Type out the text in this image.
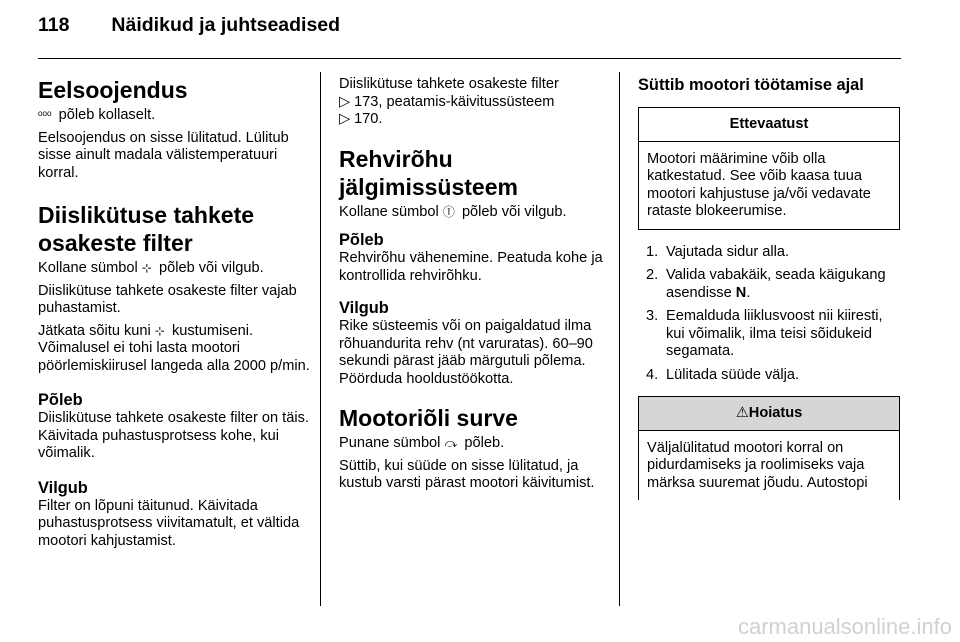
118 Näidikud ja juhtseadised
Eelsoojendus

ᵒᵒᵒ põleb kollaselt.

Eelsoojendus on sisse lülitatud. Lülitub sisse ainult madala välistemperatuuri korral.

Diislikütuse tahkete osakeste filter

Kollane sümbol ⊹ põleb või vilgub.

Diislikütuse tahkete osakeste filter vajab puhastamist.

Jätkata sõitu kuni ⊹ kustumiseni. Võimalusel ei tohi lasta mootori pöörlemiskiirusel langeda alla 2000 p/min.

Põleb

Diislikütuse tahkete osakeste filter on täis. Käivitada puhastusprotsess kohe, kui võimalik.

Vilgub

Filter on lõpuni täitunud. Käivitada puhastusprotsess viivitamatult, et vältida mootori kahjustamist.

Diislikütuse tahkete osakeste filter
▷ 173, peatamis-käivitussüsteem
▷ 170.

Rehvirõhu jälgimissüsteem

Kollane sümbol Ⓘ põleb või vilgub.

Põleb

Rehvirõhu vähenemine. Peatuda kohe ja kontrollida rehvirõhku.

Vilgub

Rike süsteemis või on paigaldatud ilma rõhuandurita rehv (nt varuratas). 60–90 sekundi pärast jääb märgutuli põlema. Pöörduda hooldustöökotta.

Mootoriõli surve

Punane sümbol ⤼ põleb.

Süttib, kui süüde on sisse lülitatud, ja kustub varsti pärast mootori käivitumist.

Süttib mootori töötamise ajal
Ettevaatust
Mootori määrimine võib olla katkestatud. See võib kaasa tuua mootori kahjustuse ja/või vedavate rataste blokeerumise.
1. Vajutada sidur alla.
2. Valida vabakäik, seada käigukang asendisse N.
3. Eemalduda liiklusvoost nii kiiresti, kui võimalik, ilma teisi sõidukeid segamata.
4. Lülitada süüde välja.
⚠Hoiatus
Väljalülitatud mootori korral on pidurdamiseks ja roolimiseks vaja märksa suuremat jõudu. Autostopi
carmanualsonline.info
